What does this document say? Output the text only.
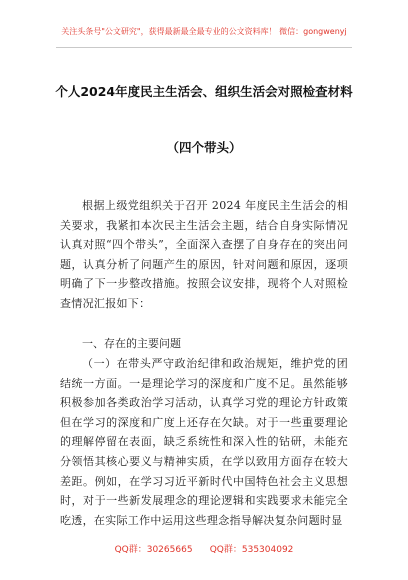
关注头条号"公文研究"，获得最新最全最专业的公文资料库！ 微信：gongwenyj
个人2024年度民主生活会、组织生活会对照检查材料（四个带头）

根据上级党组织关于召开 2024 年度民主生活会的相关要求，我紧扣本次民主生活会主题，结合自身实际情况认真对照“四个带头”，全面深入查摆了自身存在的突出问题，认真分析了问题产生的原因，针对问题和原因，逐项明确了下一步整改措施。按照会议安排，现将个人对照检查情况汇报如下：

一、存在的主要问题

（一）在带头严守政治纪律和政治规矩，维护党的团结统一方面。一是理论学习的深度和广度不足。虽然能够积极参加各类政治学习活动，认真学习党的理论方针政策但在学习的深度和广度上还存在欠缺。对于一些重要理论的理解停留在表面，缺乏系统性和深入性的钻研，未能充分领悟其核心要义与精神实质，在学以致用方面存在较大差距。例如，在学习习近平新时代中国特色社会主义思想时，对于一些新发展理念的理论逻辑和实践要求未能完全吃透，在实际工作中运用这些理念指导解决复杂问题时显

QQ群：30265665      QQ群：535304092
